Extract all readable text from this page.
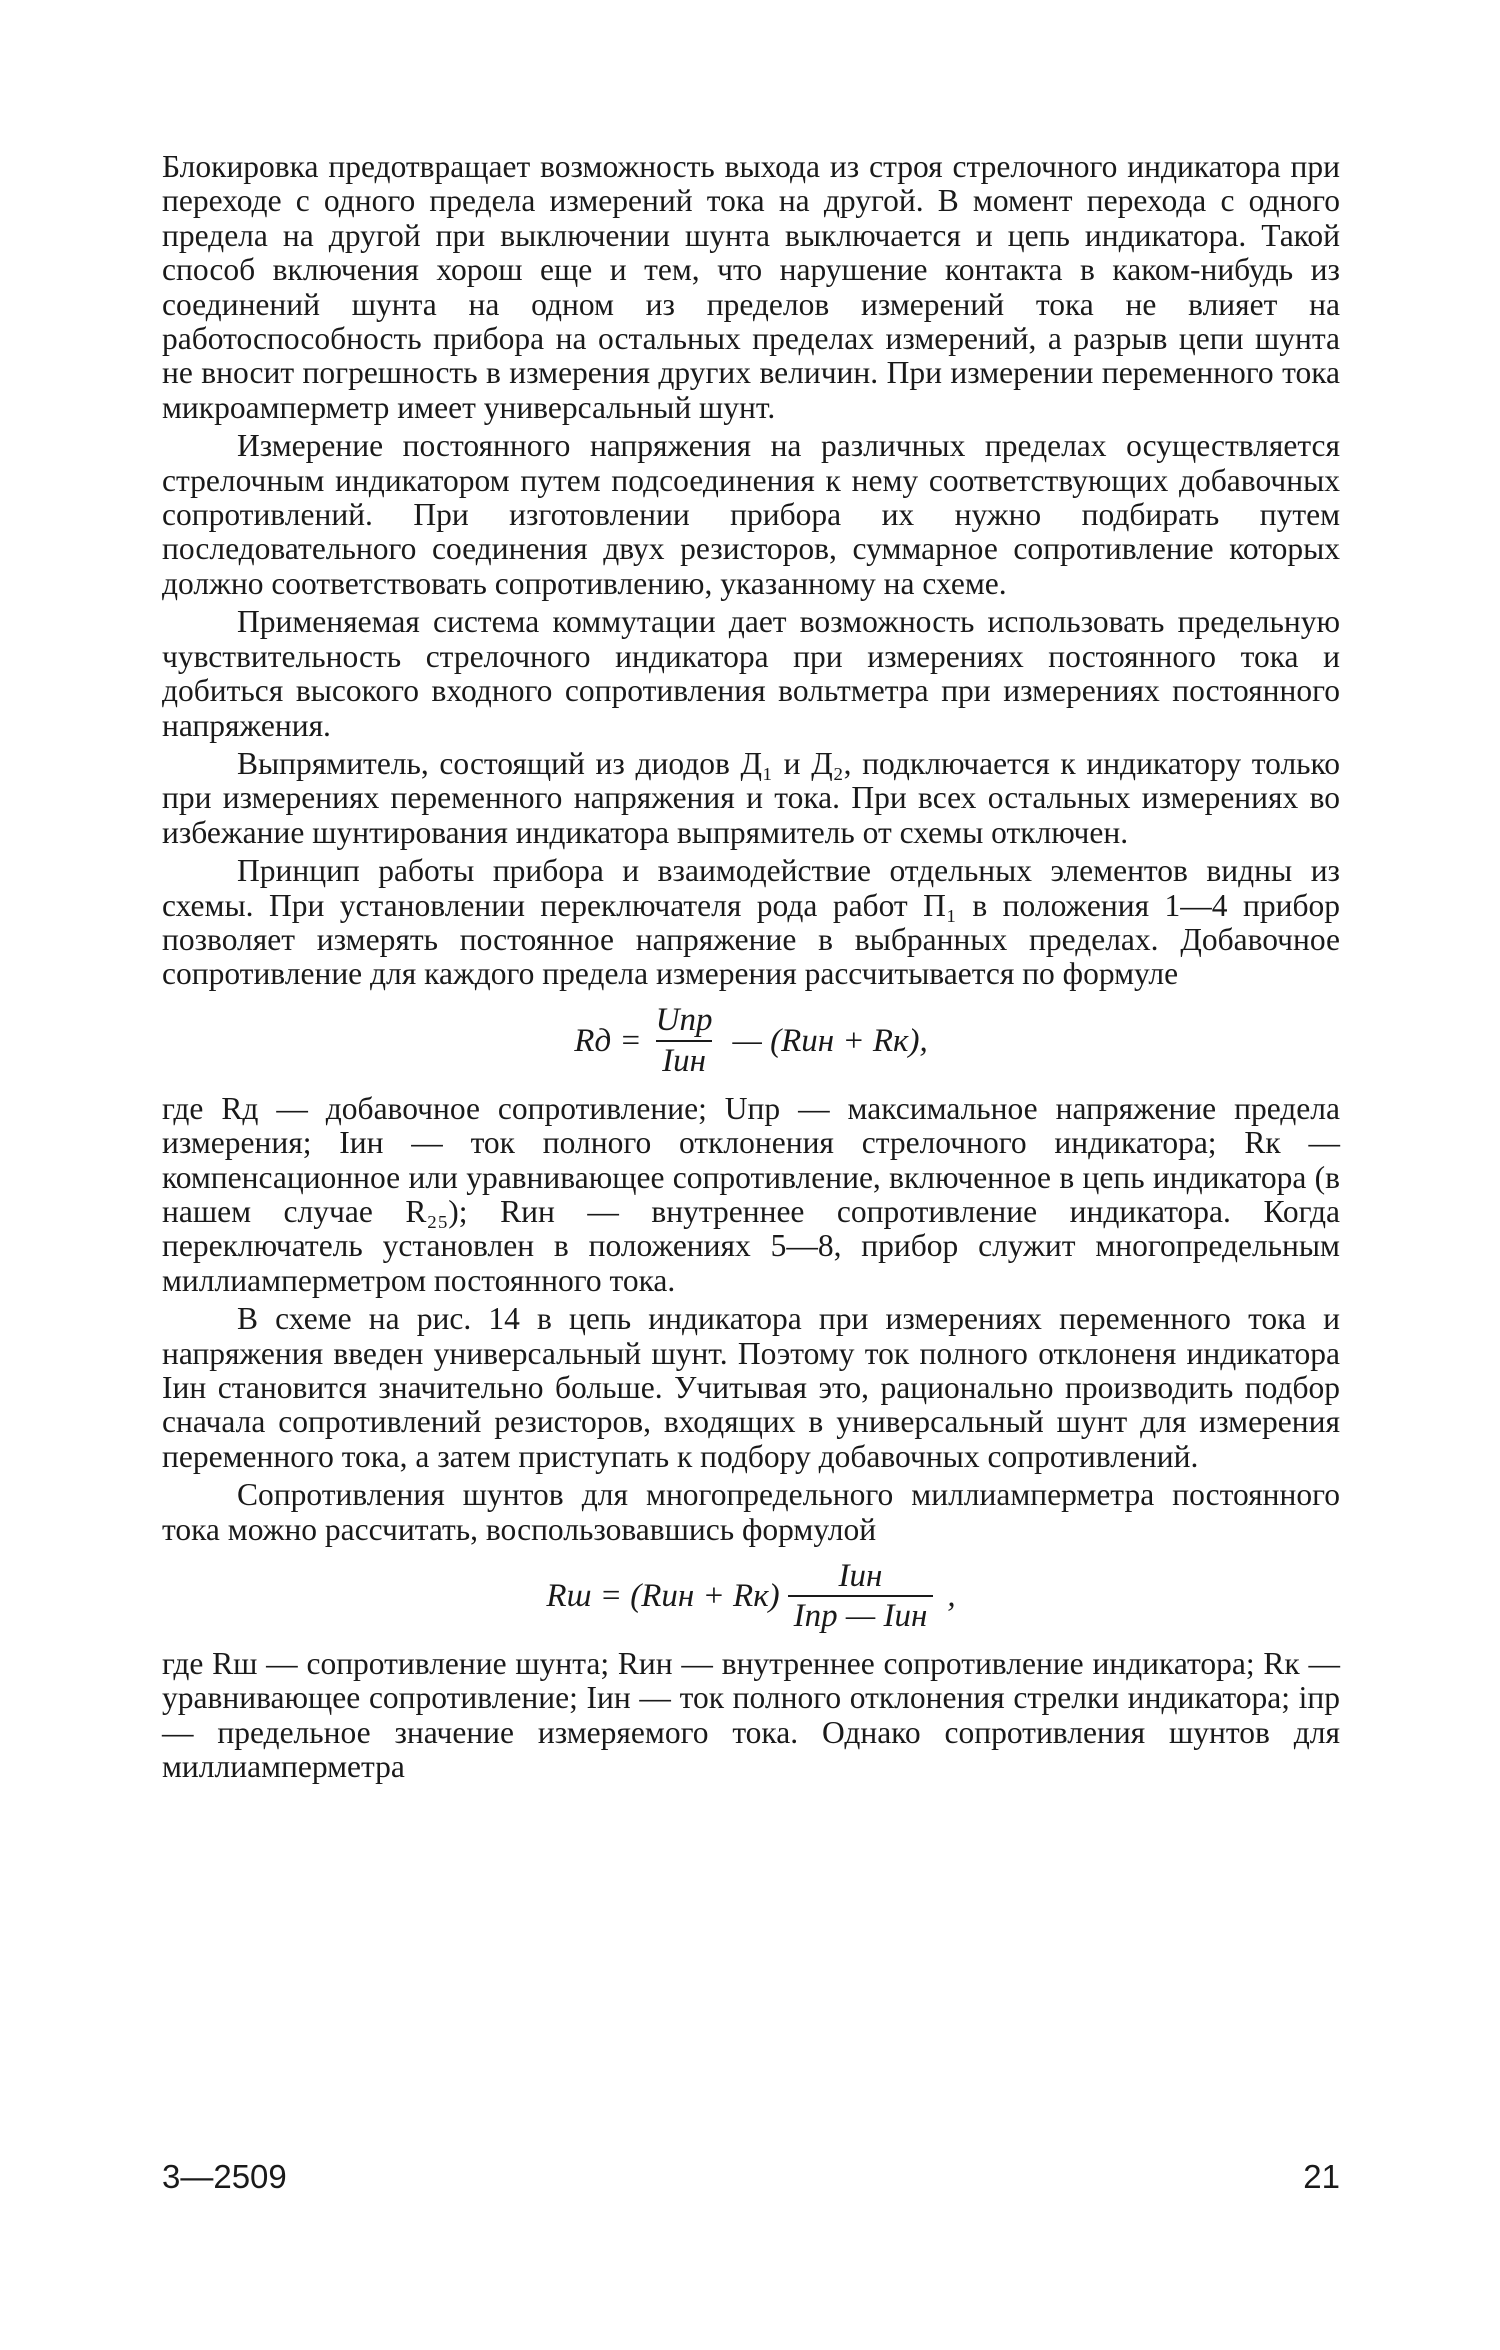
Блокировка предотвращает возможность выхода из строя стрелочного индикатора при переходе с одного предела измерений тока на другой. В момент перехода с одного предела на другой при выключении шунта выключается и цепь индикатора. Такой способ включения хорош еще и тем, что нарушение контакта в каком-нибудь из соединений шунта на одном из пределов измерений тока не влияет на работоспособность прибора на остальных пределах измерений, а разрыв цепи шунта не вносит погрешность в измерения других величин. При измерении переменного тока микроамперметр имеет универсальный шунт.

Измерение постоянного напряжения на различных пределах осуществляется стрелочным индикатором путем подсоединения к нему соответствующих добавочных сопротивлений. При изготовлении прибора их нужно подбирать путем последовательного соединения двух резисторов, суммарное сопротивление которых должно соответствовать сопротивлению, указанному на схеме.

Применяемая система коммутации дает возможность использовать предельную чувствительность стрелочного индикатора при измерениях постоянного тока и добиться высокого входного сопротивления вольтметра при измерениях постоянного напряжения.

Выпрямитель, состоящий из диодов Д₁ и Д₂, подключается к индикатору только при измерениях переменного напряжения и тока. При всех остальных измерениях во избежание шунтирования индикатора выпрямитель от схемы отключен.

Принцип работы прибора и взаимодействие отдельных элементов видны из схемы. При установлении переключателя рода работ П₁ в положения 1—4 прибор позволяет измерять постоянное напряжение в выбранных пределах. Добавочное сопротивление для каждого предела измерения рассчитывается по формуле

Rд = $\frac{\text{Uпр}}{\text{Iин}}$ — (Rин + Rк),

где Rд — добавочное сопротивление; Uпр — максимальное напряжение предела измерения; Iин — ток полного отклонения стрелочного индикатора; Rк — компенсационное или уравнивающее сопротивление, включенное в цепь индикатора (в нашем случае R₂₅); Rин — внутреннее сопротивление индикатора. Когда переключатель установлен в положениях 5—8, прибор служит многопредельным миллиамперметром постоянного тока.

В схеме на рис. 14 в цепь индикатора при измерениях переменного тока и напряжения введен универсальный шунт. Поэтому ток полного отклоненя индикатора Iин становится значительно больше. Учитывая это, рационально производить подбор сначала сопротивлений резисторов, входящих в универсальный шунт для измерения переменного тока, а затем приступать к подбору добавочных сопротивлений.

Сопротивления шунтов для многопредельного миллиамперметра постоянного тока можно рассчитать, воспользовавшись формулой

Rш = $(Rин + Rк) \frac{\text{Iин}}{\text{Iпр — Iин}}$ ,

где Rш — сопротивление шунта; Rин — внутреннее сопротивление индикатора; Rк — уравнивающее сопротивление; Iин — ток полного отклонения стрелки индикатора; iпр — предельное значение измеряемого тока. Однако сопротивления шунтов для миллиамперметра

3—2509	21
